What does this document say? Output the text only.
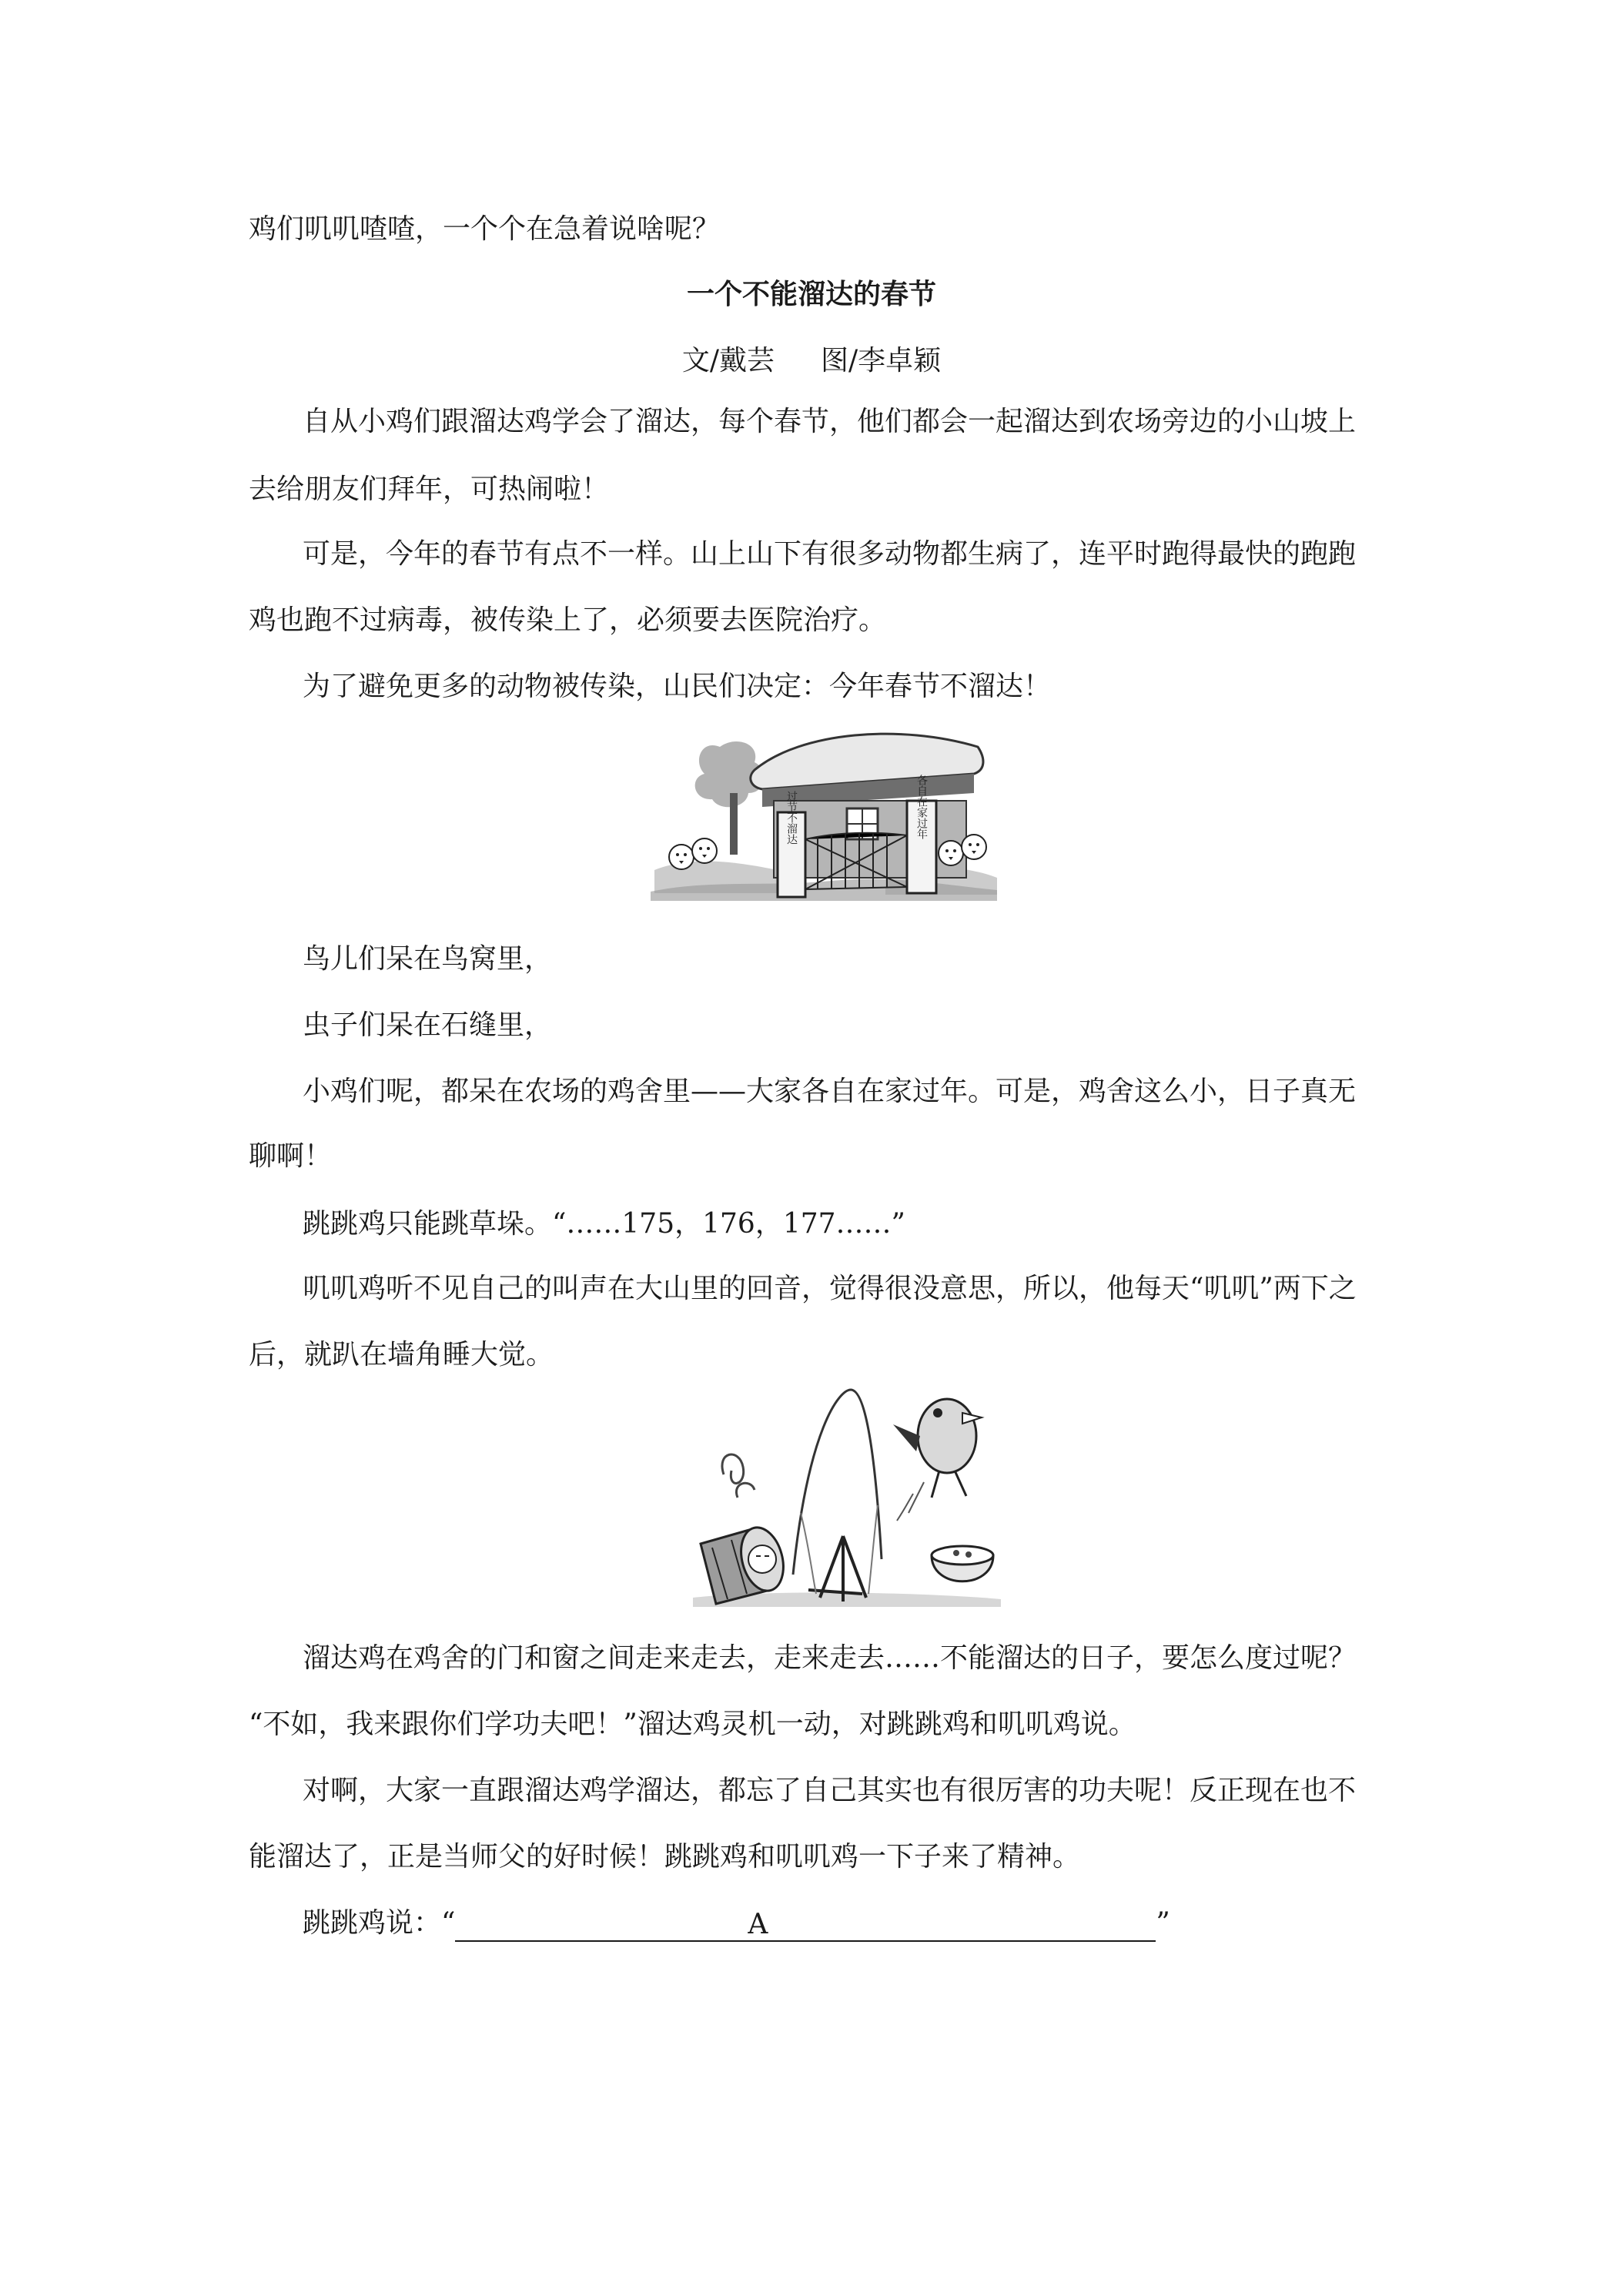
鸡们叽叽喳喳，一个个在急着说啥呢？

一个不能溜达的春节
文/戴芸 图/李卓颖

自从小鸡们跟溜达鸡学会了溜达，每个春节，他们都会一起溜达到农场旁边的小山坡上

去给朋友们拜年，可热闹啦！

可是，今年的春节有点不一样。山上山下有很多动物都生病了，连平时跑得最快的跑跑

鸡也跑不过病毒，被传染上了，必须要去医院治疗。

为了避免更多的动物被传染，山民们决定：今年春节不溜达！

过节不溜达	各自在家过年

鸟儿们呆在鸟窝里，

虫子们呆在石缝里，

小鸡们呢，都呆在农场的鸡舍里——大家各自在家过年。可是，鸡舍这么小，日子真无

聊啊！

跳跳鸡只能跳草垛。“……175，176，177……”

叽叽鸡听不见自己的叫声在大山里的回音，觉得很没意思，所以，他每天“叽叽”两下之

后，就趴在墙角睡大觉。

溜达鸡在鸡舍的门和窗之间走来走去，走来走去……不能溜达的日子，要怎么度过呢？

“不如，我来跟你们学功夫吧！”溜达鸡灵机一动，对跳跳鸡和叽叽鸡说。

对啊，大家一直跟溜达鸡学溜达，都忘了自己其实也有很厉害的功夫呢！反正现在也不

能溜达了，正是当师父的好时候！跳跳鸡和叽叽鸡一下子来了精神。

跳跳鸡说：“	A	”
